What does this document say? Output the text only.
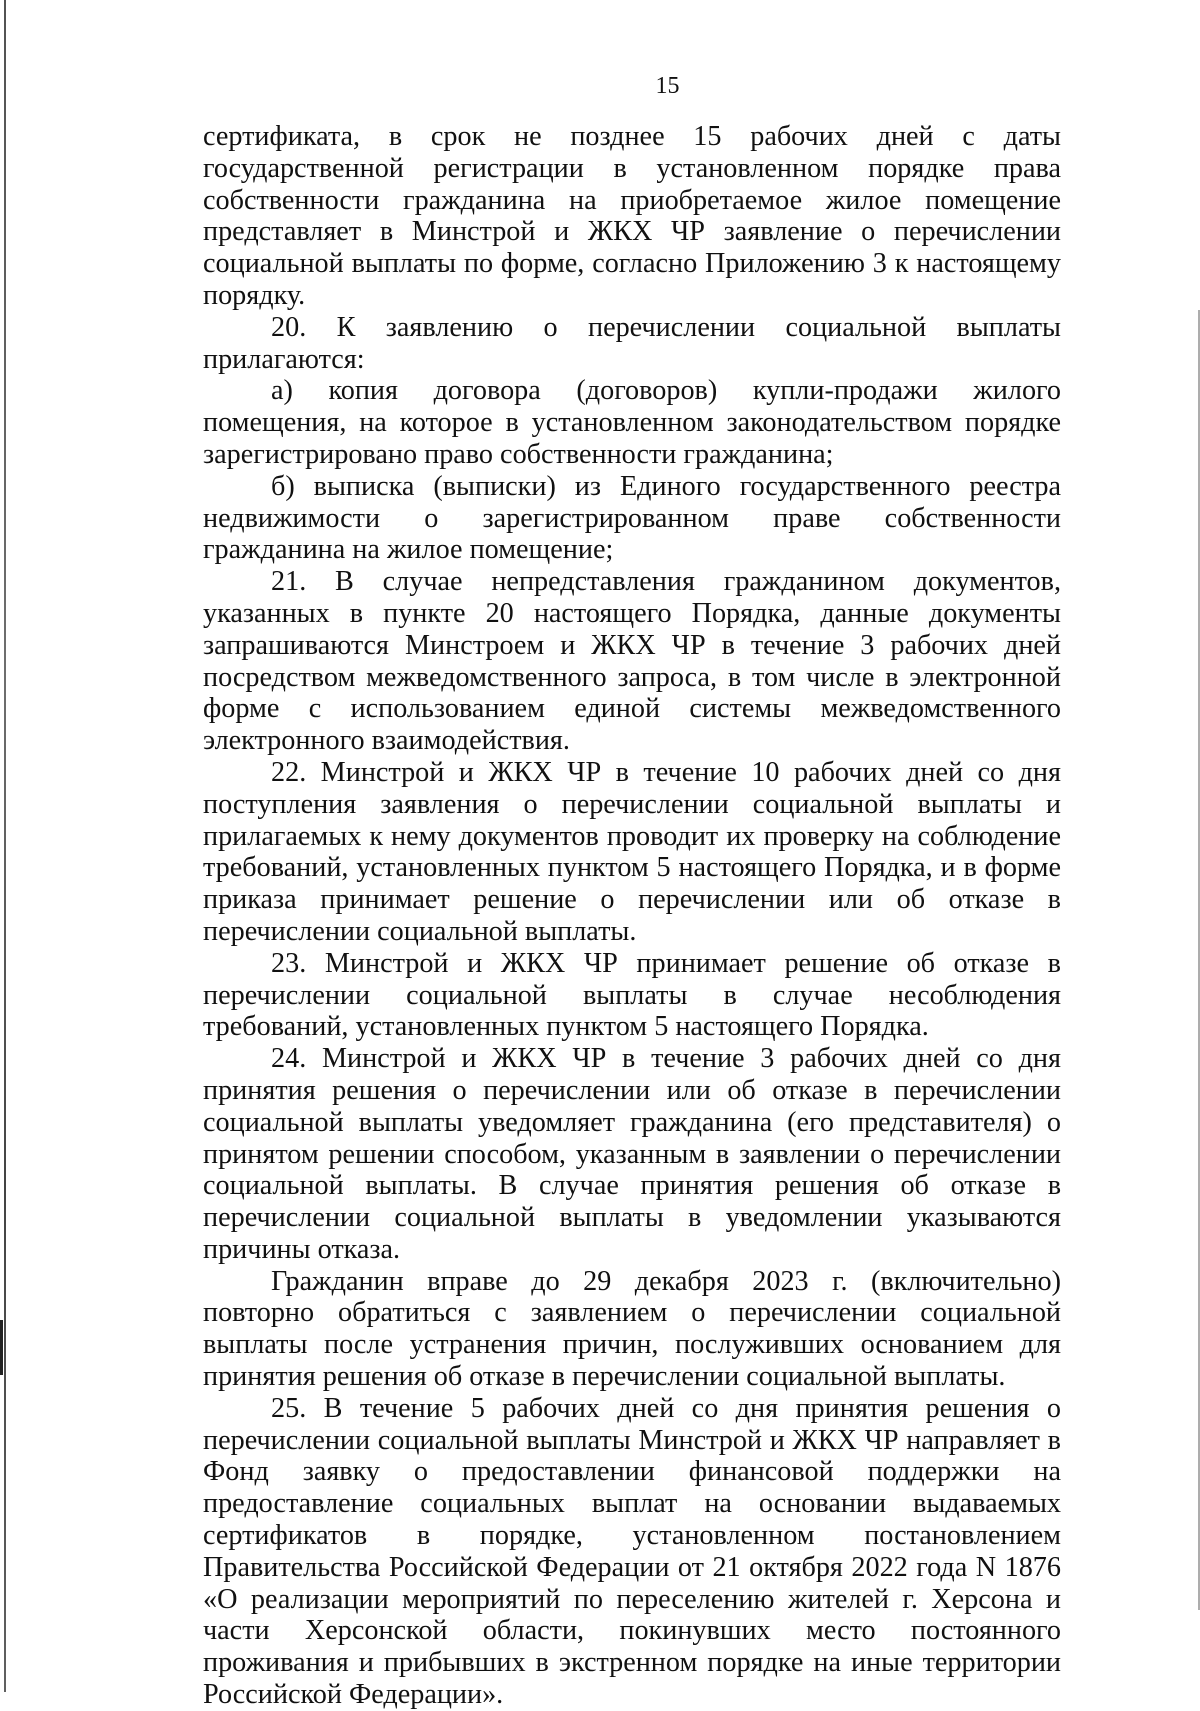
15

сертификата, в срок не позднее 15 рабочих дней с даты государственной регистрации в установленном порядке права собственности гражданина на приобретаемое жилое помещение представляет в Минстрой и ЖКХ ЧР заявление о перечислении социальной выплаты по форме, согласно Приложению 3 к настоящему порядку.

20. К заявлению о перечислении социальной выплаты прилагаются:

а) копия договора (договоров) купли-продажи жилого помещения, на которое в установленном законодательством порядке зарегистрировано право собственности гражданина;

б) выписка (выписки) из Единого государственного реестра недвижимости о зарегистрированном праве собственности гражданина на жилое помещение;

21. В случае непредставления гражданином документов, указанных в пункте 20 настоящего Порядка, данные документы запрашиваются Минстроем и ЖКХ ЧР в течение 3 рабочих дней посредством межведомственного запроса, в том числе в электронной форме с использованием единой системы межведомственного электронного взаимодействия.

22. Минстрой и ЖКХ ЧР в течение 10 рабочих дней со дня поступления заявления о перечислении социальной выплаты и прилагаемых к нему документов проводит их проверку на соблюдение требований, установленных пунктом 5 настоящего Порядка, и в форме приказа принимает решение о перечислении или об отказе в перечислении социальной выплаты.

23. Минстрой и ЖКХ ЧР принимает решение об отказе в перечислении социальной выплаты в случае несоблюдения требований, установленных пунктом 5 настоящего Порядка.

24. Минстрой и ЖКХ ЧР в течение 3 рабочих дней со дня принятия решения о перечислении или об отказе в перечислении социальной выплаты уведомляет гражданина (его представителя) о принятом решении способом, указанным в заявлении о перечислении социальной выплаты. В случае принятия решения об отказе в перечислении социальной выплаты в уведомлении указываются причины отказа.

Гражданин вправе до 29 декабря 2023 г. (включительно) повторно обратиться с заявлением о перечислении социальной выплаты после устранения причин, послуживших основанием для принятия решения об отказе в перечислении социальной выплаты.

25. В течение 5 рабочих дней со дня принятия решения о перечислении социальной выплаты Минстрой и ЖКХ ЧР направляет в Фонд заявку о предоставлении финансовой поддержки на предоставление социальных выплат на основании выдаваемых сертификатов в порядке, установленном постановлением Правительства Российской Федерации от 21 октября 2022 года N 1876 «О реализации мероприятий по переселению жителей г. Херсона и части Херсонской области, покинувших место постоянного проживания и прибывших в экстренном порядке на иные территории Российской Федерации».
